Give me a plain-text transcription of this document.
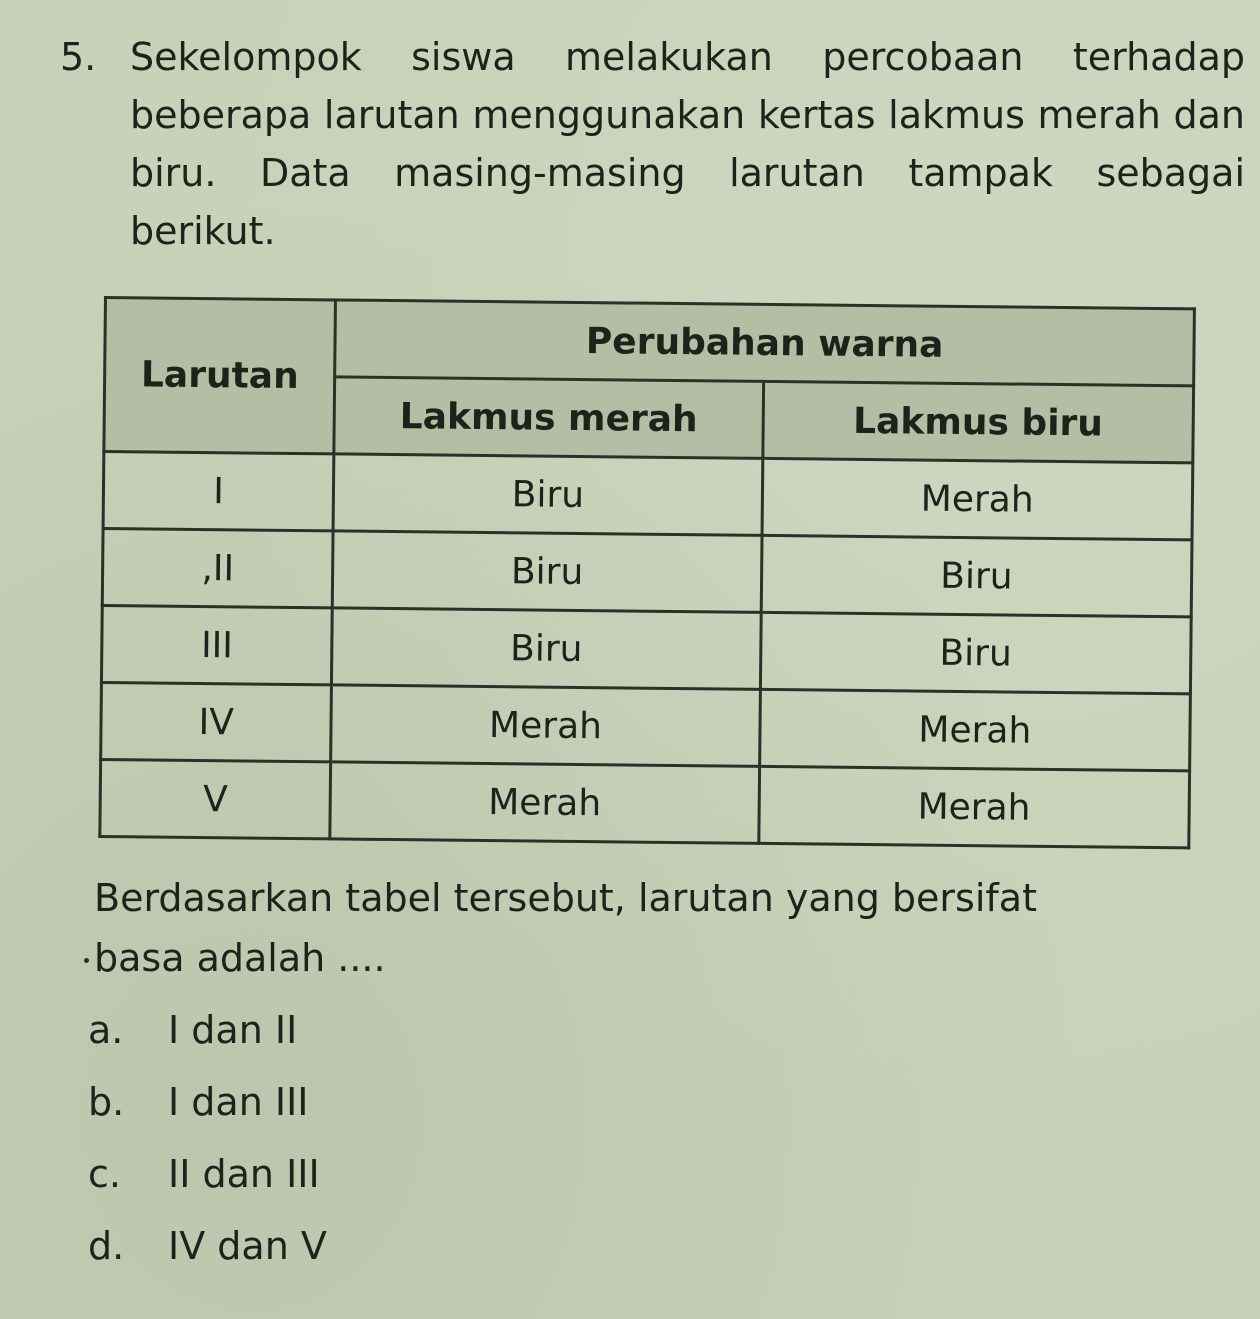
5. Sekelompok siswa melakukan percobaan terhadap beberapa larutan menggunakan kertas lakmus merah dan biru. Data masing-masing larutan tampak sebagai berikut.
Larutan	Perubahan warna	
	Lakmus merah	Lakmus biru
I	Biru	Merah
,II	Biru	Biru
III	Biru	Biru
IV	Merah	Merah
V	Merah	Merah
Berdasarkan tabel tersebut, larutan yang bersifat
basa adalah ....
a.	I dan II
b.	I dan III
c.	II dan III
d.	IV dan V
